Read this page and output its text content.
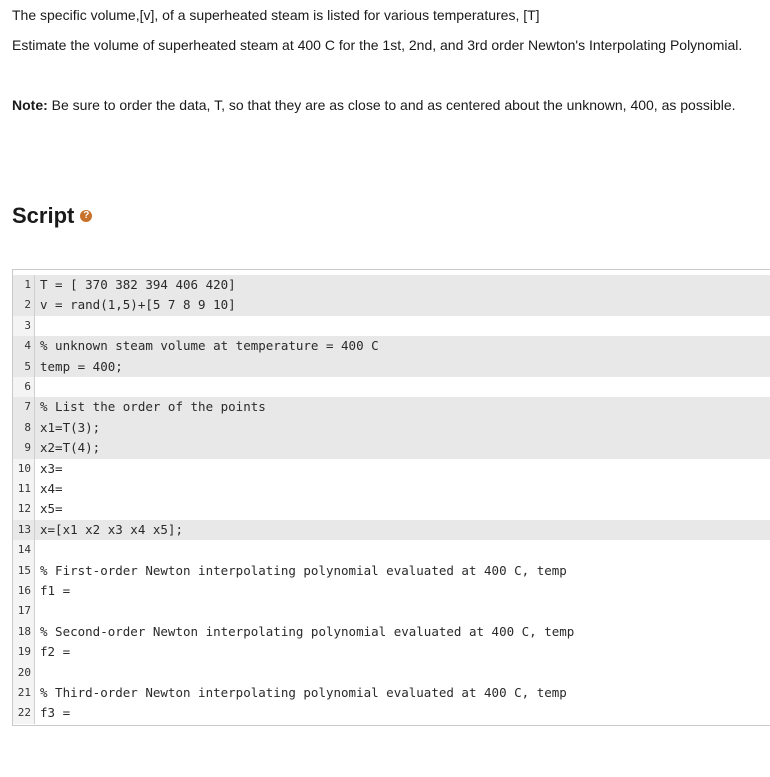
The specific volume,[v], of a superheated steam is listed for various temperatures, [T]

Estimate the volume of superheated steam at 400 C for the 1st, 2nd, and 3rd order Newton's Interpolating Polynomial.

Note: Be sure to order the data, T, so that they are as close to and as centered about the unknown, 400, as possible.

Script ?
1 T = [ 370 382 394 406 420]
2 v = rand(1,5)+[5 7 8 9 10]
3
4 % unknown steam volume at temperature = 400 C
5 temp = 400;
6
7 % List the order of the points
8 x1=T(3);
9 x2=T(4);
10 x3=
11 x4=
12 x5=
13 x=[x1 x2 x3 x4 x5];
14
15 % First-order Newton interpolating polynomial evaluated at 400 C, temp
16 f1 =
17
18 % Second-order Newton interpolating polynomial evaluated at 400 C, temp
19 f2 =
20
21 % Third-order Newton interpolating polynomial evaluated at 400 C, temp
22 f3 =
